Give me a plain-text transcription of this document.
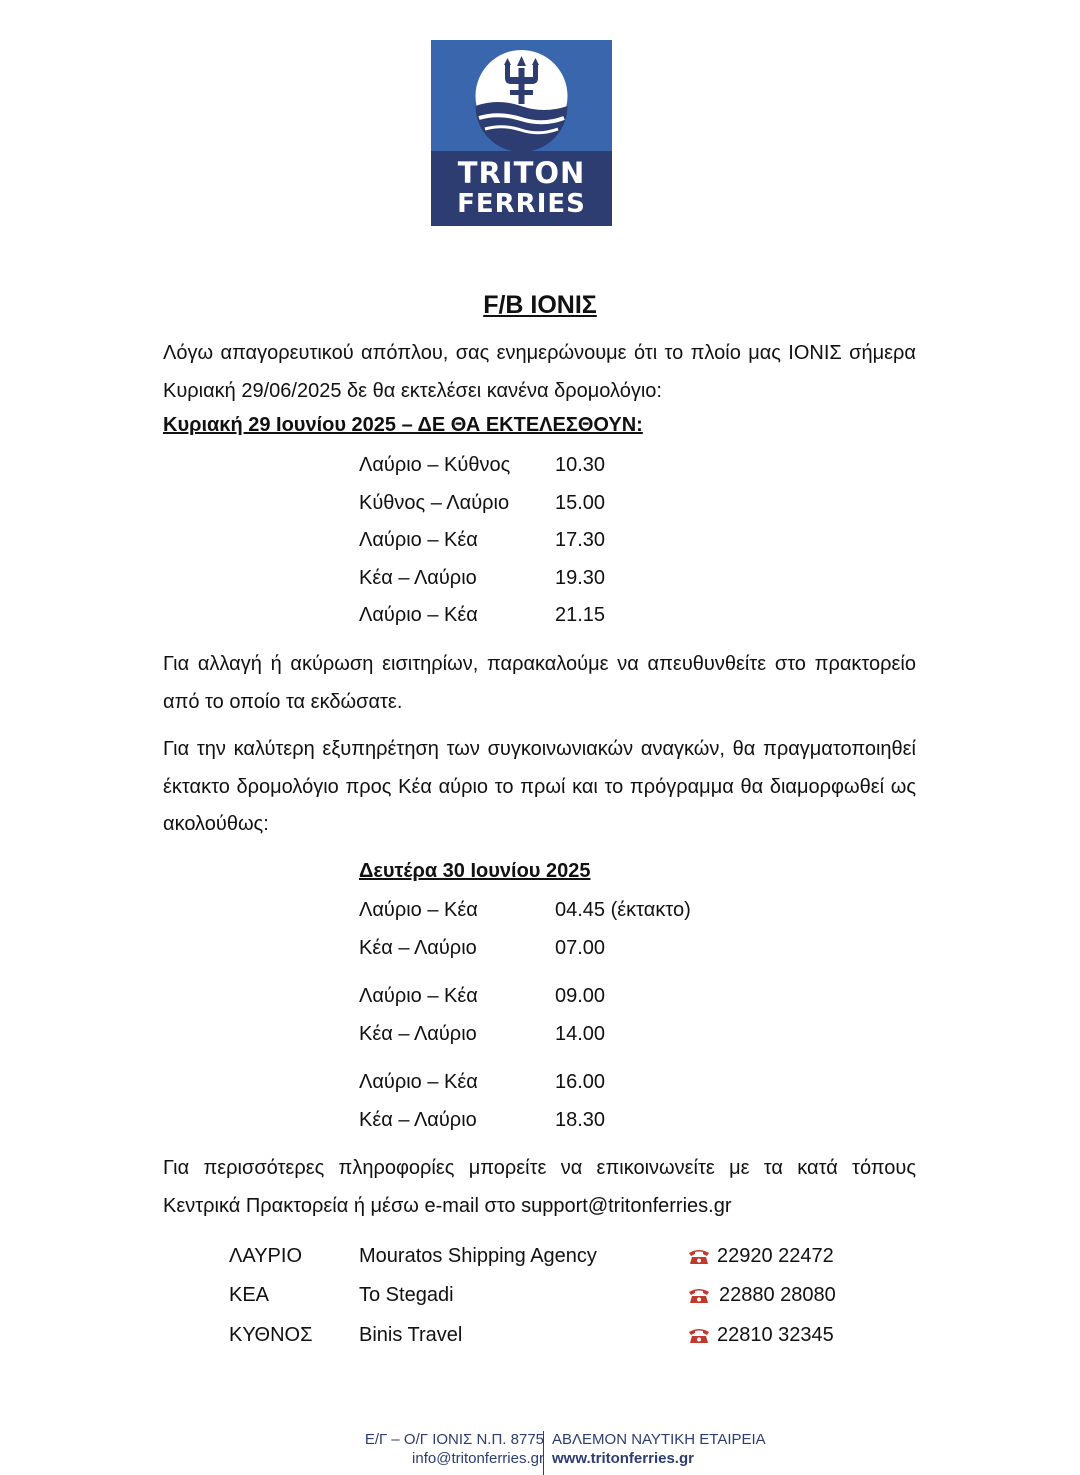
TRITON
FERRIES
F/B ΙΟΝΙΣ

Λόγω απαγορευτικού απόπλου, σας ενημερώνουμε ότι το πλοίο μας ΙΟΝΙΣ σήμερα Κυριακή 29/06/2025 δε θα εκτελέσει κανένα δρομολόγιο:

Κυριακή 29 Ιουνίου 2025 – ΔΕ ΘΑ ΕΚΤΕΛΕΣΘΟΥΝ:
Λαύριο – Κύθνος 10.30
Κύθνος – Λαύριο 15.00
Λαύριο – Κέα	17.30
Κέα – Λαύριο	19.30
Λαύριο – Κέα	21.15

Για αλλαγή ή ακύρωση εισιτηρίων, παρακαλούμε να απευθυνθείτε στο πρακτορείο από το οποίο τα εκδώσατε.

Για την καλύτερη εξυπηρέτηση των συγκοινωνιακών αναγκών, θα πραγματοποιηθεί έκτακτο δρομολόγιο προς Κέα αύριο το πρωί και το πρόγραμμα θα διαμορφωθεί ως ακολούθως:

Δευτέρα 30 Ιουνίου 2025
Λαύριο – Κέα	04.45 (έκτακτο)
Κέα – Λαύριο	07.00
Λαύριο – Κέα	09.00
Κέα – Λαύριο	14.00
Λαύριο – Κέα	16.00
Κέα – Λαύριο	18.30

Για περισσότερες πληροφορίες μπορείτε να επικοινωνείτε με τα κατά τόπους Κεντρικά Πρακτορεία ή μέσω e-mail στο support@tritonferries.gr

ΛΑΥΡΙΟ	Mouratos Shipping Agency	22920 22472
ΚΕΑ	To Stegadi	22880 28080
ΚΥΘΝΟΣ Binis Travel	22810 32345
Ε/Γ – Ο/Γ ΙΟΝΙΣ Ν.Π. 8775 ΑΒΛΕΜΟΝ ΝΑΥΤΙΚΗ ΕΤΑΙΡΕΙΑ
info@tritonferries.gr www.tritonferries.gr
